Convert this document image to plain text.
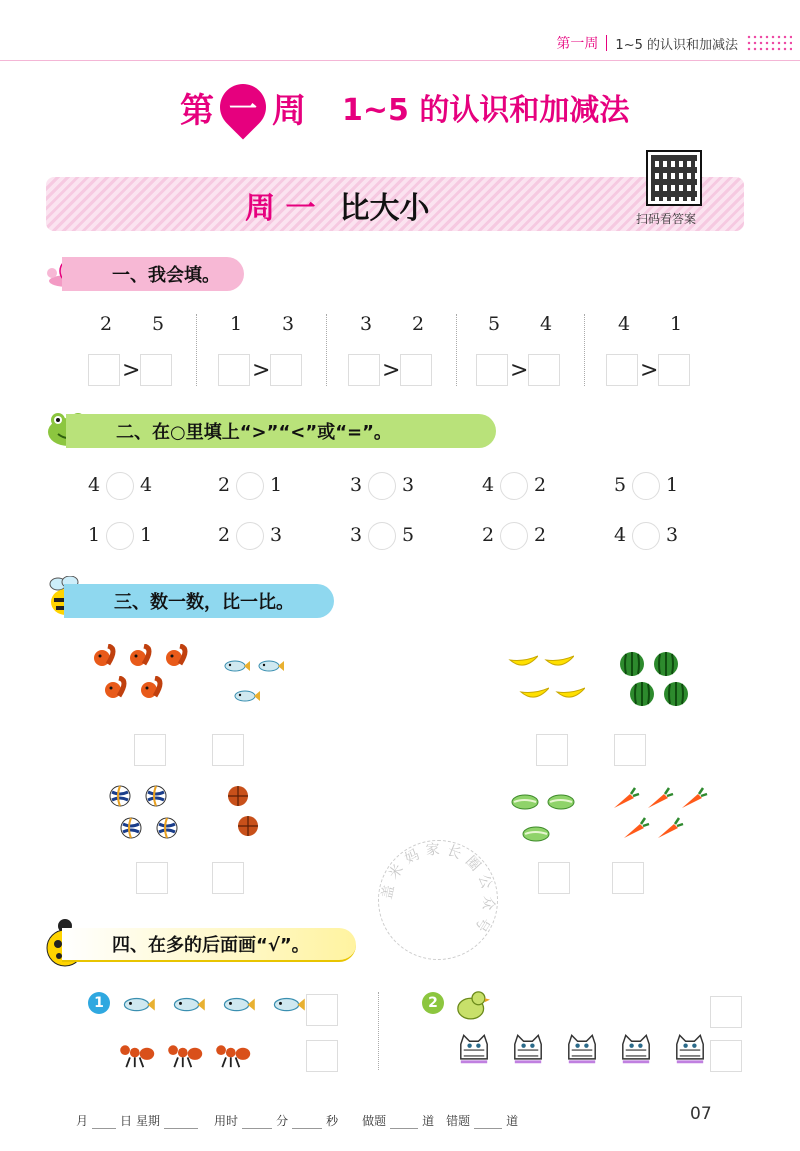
第一周 1~5 的认识和加减法
第 一 周 1~5 的认识和加减法
周 一 比大小	扫码看答案
一、我会填。
2 5
>
1 3
>
3 2
>
5 4
>
4 1
>
二、在○里填上“>”“<”或“=”。
4 4	2 1	3 3	4 2	5 1
1 1	2 3	3 5	2 2	4 3
三、数一数，比一比。
盖米妈家长圈公众号
四、在多的后面画“√”。
1	2
月	日 星期	用时	分	秒 做题	道 错题	道	07
